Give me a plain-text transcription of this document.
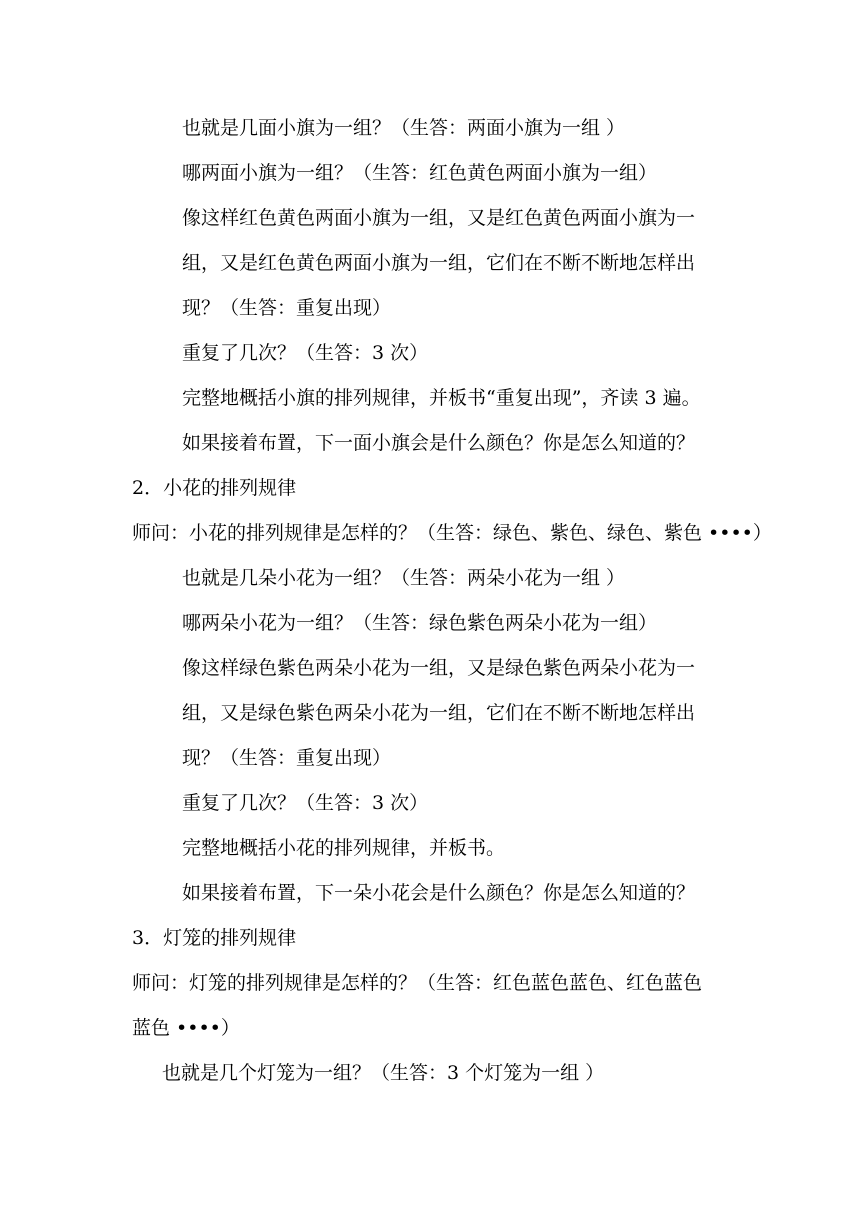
也就是几面小旗为一组？（生答：两面小旗为一组 ）
哪两面小旗为一组？（生答：红色黄色两面小旗为一组）
像这样红色黄色两面小旗为一组，又是红色黄色两面小旗为一
组，又是红色黄色两面小旗为一组，它们在不断不断地怎样出
现？（生答：重复出现）
重复了几次？（生答：3 次）
完整地概括小旗的排列规律，并板书“重复出现”，齐读 3 遍。
如果接着布置，下一面小旗会是什么颜色？你是怎么知道的？
2．小花的排列规律
师问：小花的排列规律是怎样的？（生答：绿色、紫色、绿色、紫色 ••••）
也就是几朵小花为一组？（生答：两朵小花为一组 ）
哪两朵小花为一组？（生答：绿色紫色两朵小花为一组）
像这样绿色紫色两朵小花为一组，又是绿色紫色两朵小花为一
组，又是绿色紫色两朵小花为一组，它们在不断不断地怎样出
现？（生答：重复出现）
重复了几次？（生答：3 次）
完整地概括小花的排列规律，并板书。
如果接着布置，下一朵小花会是什么颜色？你是怎么知道的？
3．灯笼的排列规律
师问：灯笼的排列规律是怎样的？（生答：红色蓝色蓝色、红色蓝色
蓝色 ••••）
也就是几个灯笼为一组？（生答：3 个灯笼为一组 ）
